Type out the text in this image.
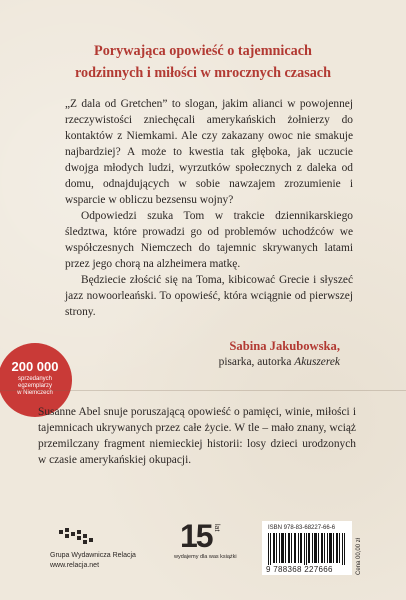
Porywająca opowieść o tajemnicach
rodzinnych i miłości w mrocznych czasach

„Z dala od Gretchen” to slogan, jakim alianci w powojennej rzeczywistości zniechęcali amerykańskich żołnierzy do kontaktów z Niemkami. Ale czy zakazany owoc nie smakuje najbardziej? A może to kwestia tak głęboka, jak uczucie dwojga młodych ludzi, wyrzutków społecznych z daleka od domu, odnajdujących w sobie nawzajem zrozumienie i wsparcie w obliczu bezsensu wojny?

Odpowiedzi szuka Tom w trakcie dziennikarskiego śledztwa, które prowadzi go od problemów uchodźców we współczesnych Niemczech do tajemnic skrywanych latami przez jego chorą na alzheimera matkę.

Będziecie złościć się na Toma, kibicować Grecie i słyszeć jazz nowoorleański. To opowieść, która wciągnie od pierwszej strony.

Sabina Jakubowska,
pisarka, autorka Akuszerek
200 000
sprzedanych
egzemplarzy
w Niemczech
Susanne Abel snuje poruszającą opowieść o pamięci, winie, miłości i tajemnicach ukrywanych przez całe życie. W tle – mało znany, wciąż przemilczany fragment niemieckiej historii: losy dzieci urodzonych w czasie amerykańskiej okupacji.
Grupa Wydawnicza Relacja
www.relacja.net
15 lat
wydajemy dla was książki
ISBN 978-83-68227-66-6
9 788368 227666	Cena 00,00 zł
